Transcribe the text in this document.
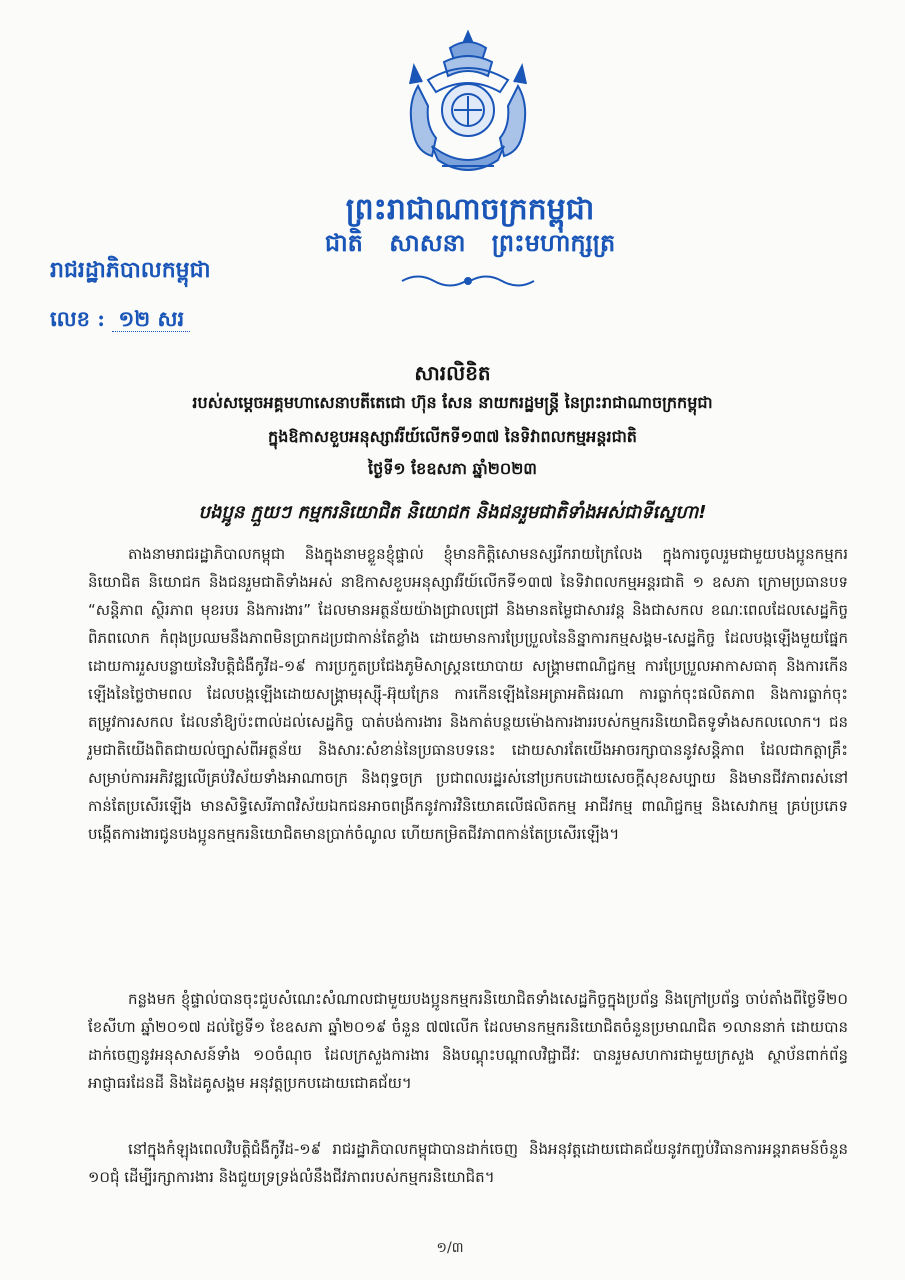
ព្រះរាជាណាចក្រកម្ពុជា
ជាតិ សាសនា ព្រះមហាក្សត្រ
រាជរដ្ឋាភិបាលកម្ពុជា
លេខ : ១២ សរ
សារលិខិត
របស់សម្ដេចអគ្គមហាសេនាបតីតេជោ ហ៊ុន សែន នាយករដ្ឋមន្ត្រី នៃព្រះរាជាណាចក្រកម្ពុជា
ក្នុងឱកាសខួបអនុស្សាវរីយ៍លើកទី១៣៧ នៃទិវាពលកម្មអន្តរជាតិ
ថ្ងៃទី១ ខែឧសភា ឆ្នាំ២០២៣
បងប្អូន ក្មួយៗ កម្មករនិយោជិត និយោជក និងជនរួមជាតិទាំងអស់ជាទីស្នេហា!
តាងនាមរាជរដ្ឋាភិបាលកម្ពុជា និងក្នុងនាមខ្លួនខ្ញុំផ្ទាល់ ខ្ញុំមានកិត្តិសោមនស្សរីករាយក្រៃលែង ក្នុងការចូលរួមជាមួយបងប្អូនកម្មករនិយោជិត និយោជក និងជនរួមជាតិទាំងអស់ នាឱកាសខួបអនុស្សាវរីយ៍លើកទី១៣៧ នៃទិវាពលកម្មអន្តរជាតិ ១ ឧសភា ក្រោមប្រធានបទ “សន្តិភាព ស្ថិរភាព មុខរបរ និងការងារ” ដែលមានអត្ថន័យយ៉ាងជ្រាលជ្រៅ និងមានតម្លៃជាសារវន្ត និងជាសកល ខណៈពេលដែលសេដ្ឋកិច្ចពិភពលោក កំពុងប្រឈមនឹងភាពមិនប្រាកដប្រជាកាន់តែខ្លាំង ដោយមានការប្រែប្រួលនៃនិន្នាការកម្មសង្គម-សេដ្ឋកិច្ច ដែលបង្កឡើងមួយផ្នែកដោយការរួសបន្លាយនៃវិបត្តិជំងឺកូវីដ-១៩ ការប្រកួតប្រជែងភូមិសាស្ត្រនយោបាយ សង្គ្រាមពាណិជ្ជកម្ម ការប្រែប្រួលអាកាសធាតុ និងការកើនឡើងនៃថ្លៃថាមពល ដែលបង្កឡើងដោយសង្គ្រាមរុស្ស៊ី-អ៊ុយក្រែន ការកើនឡើងនៃអត្រាអតិផរណា ការធ្លាក់ចុះផលិតភាព និងការធ្លាក់ចុះតម្រូវការសកល ដែលនាំឱ្យប៉ះពាល់ដល់សេដ្ឋកិច្ច បាត់បង់ការងារ និងកាត់បន្ថយម៉ោងការងាររបស់កម្មករនិយោជិតទូទាំងសកលលោក។ ជនរួមជាតិយើងពិតជាយល់ច្បាស់ពីអត្ថន័យ និងសារៈសំខាន់នៃប្រធានបទនេះ ដោយសារតែយើងអាចរក្សាបាននូវសន្តិភាព ដែលជាកត្តាគ្រឹះសម្រាប់ការអភិវឌ្ឍលើគ្រប់វិស័យទាំងអាណាចក្រ និងពុទ្ធចក្រ ប្រជាពលរដ្ឋរស់នៅប្រកបដោយសេចក្ដីសុខសប្បាយ និងមានជីវភាពរស់នៅកាន់តែប្រសើរឡើង មានសិទ្ធិសេរីភាពវិស័យឯកជនអាចពង្រីកនូវការវិនិយោគលើផលិតកម្ម អាជីវកម្ម ពាណិជ្ជកម្ម និងសេវាកម្ម គ្រប់ប្រភេទ បង្កើតការងារជូនបងប្អូនកម្មករនិយោជិតមានប្រាក់ចំណូល ហើយកម្រិតជីវភាពកាន់តែប្រសើរឡើង។
កន្លងមក ខ្ញុំផ្ទាល់បានចុះជួបសំណេះសំណាលជាមួយបងប្អូនកម្មករនិយោជិតទាំងសេដ្ឋកិច្ចក្នុងប្រព័ន្ធ និងក្រៅប្រព័ន្ធ ចាប់តាំងពីថ្ងៃទី២០ ខែសីហា ឆ្នាំ២០១៧ ដល់ថ្ងៃទី១ ខែឧសភា ឆ្នាំ២០១៩ ចំនួន ៧៧លើក ដែលមានកម្មករនិយោជិតចំនួនប្រមាណជិត ១លាននាក់ ដោយបានដាក់ចេញនូវអនុសាសន៍ទាំង ១០ចំណុច ដែលក្រសួងការងារ និងបណ្តុះបណ្តាលវិជ្ជាជីវៈ បានរួមសហការជាមួយក្រសួង ស្ថាប័នពាក់ព័ន្ធ អាជ្ញាធរដែនដី និងដៃគូសង្គម អនុវត្តប្រកបដោយជោគជ័យ។
នៅក្នុងកំឡុងពេលវិបត្តិជំងឺកូវីដ-១៩ រាជរដ្ឋាភិបាលកម្ពុជាបានដាក់ចេញ និងអនុវត្តដោយជោគជ័យនូវកញ្ចប់វិធានការអន្តរាគមន៍ចំនួន ១០ជុំ ដើម្បីរក្សាការងារ និងជួយទ្រទ្រង់លំនឹងជីវភាពរបស់កម្មករនិយោជិត។
១/៣
